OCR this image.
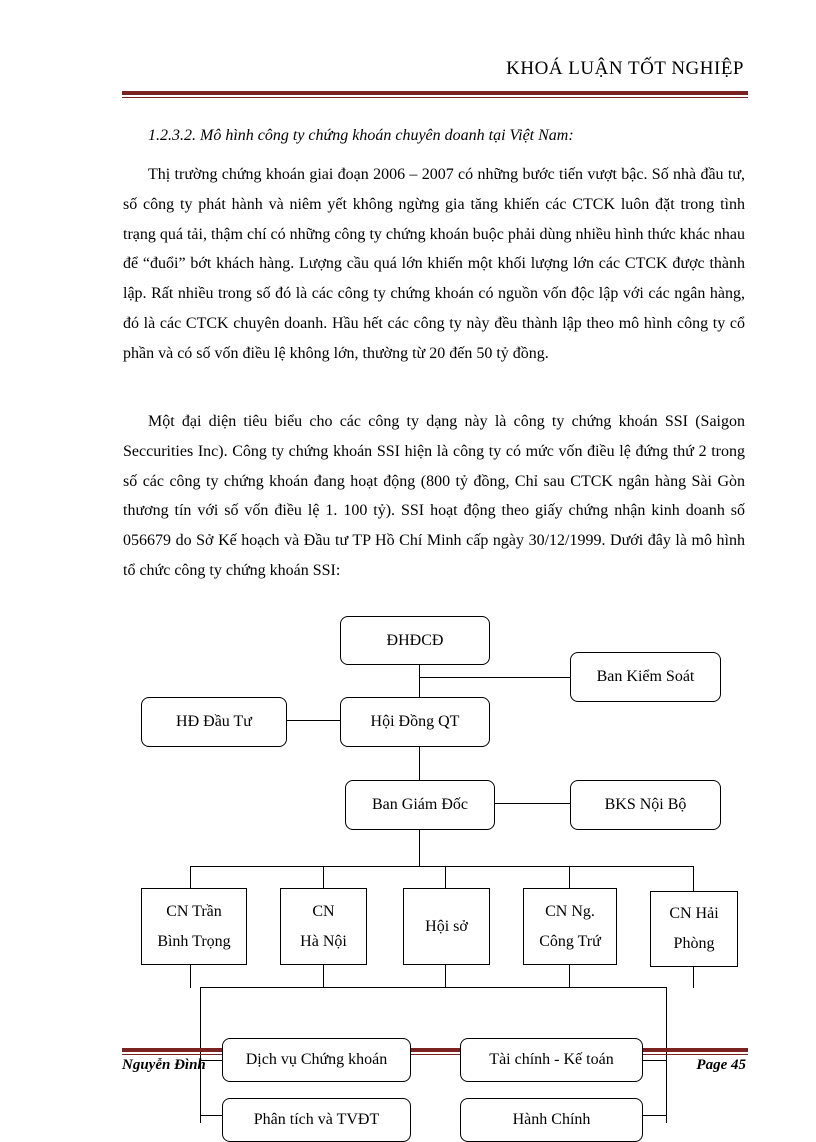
KHOÁ LUẬN TỐT NGHIỆP
1.2.3.2. Mô hình công ty chứng khoán chuyên doanh tại Việt Nam:

Thị trường chứng khoán giai đoạn 2006 – 2007 có những bước tiến vượt bậc. Số nhà đầu tư, số công ty phát hành và niêm yết không ngừng gia tăng khiến các CTCK luôn đặt trong tình trạng quá tải, thậm chí có những công ty chứng khoán buộc phải dùng nhiều hình thức khác nhau để “đuổi” bớt khách hàng. Lượng cầu quá lớn khiến một khối lượng lớn các CTCK được thành lập. Rất nhiều trong số đó là các công ty chứng khoán có nguồn vốn độc lập với các ngân hàng, đó là các CTCK chuyên doanh. Hầu hết các công ty này đều thành lập theo mô hình công ty cổ phần và có số vốn điều lệ không lớn, thường từ 20 đến 50 tỷ đồng.

Một đại diện tiêu biểu cho các công ty dạng này là công ty chứng khoán SSI (Saigon Seccurities Inc). Công ty chứng khoán SSI hiện là công ty có mức vốn điều lệ đứng thứ 2 trong số các công ty chứng khoán đang hoạt động (800 tỷ đồng, Chỉ sau CTCK ngân hàng Sài Gòn thương tín với số vốn điều lệ 1. 100 tỷ). SSI hoạt động theo giấy chứng nhận kinh doanh số 056679 do Sở Kế hoạch và Đầu tư TP Hồ Chí Minh cấp ngày 30/12/1999. Dưới đây là mô hình tổ chức công ty chứng khoán SSI:

Nguyễn Đình	Page 45
ĐHĐCĐ
Ban Kiểm Soát
HĐ Đầu Tư	Hội Đồng QT
Ban Giám Đốc	BKS Nội Bộ
CN Trần
Bình Trọng
CN
Hà Nội
Hội sở
CN Ng.
Công Trứ
CN Hải
Phòng
Dịch vụ Chứng khoán	Tài chính - Kế toán
Phân tích và TVĐT	Hành Chính
